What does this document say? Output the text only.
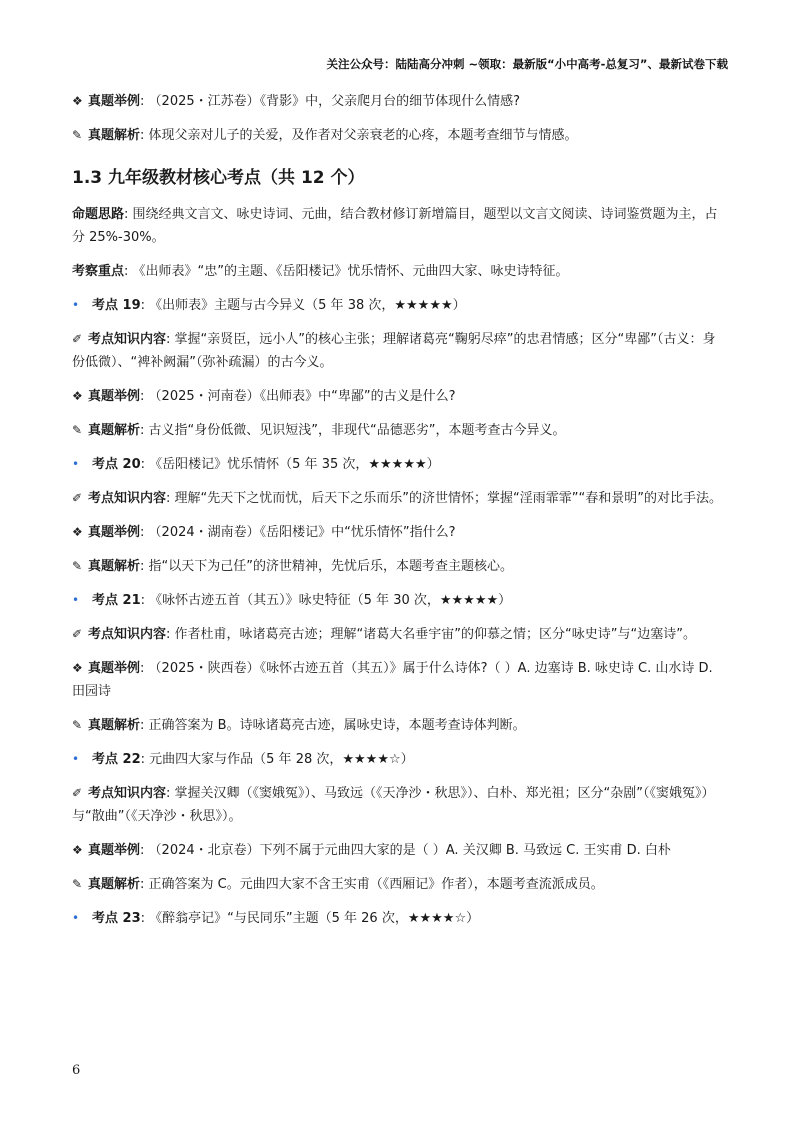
关注公众号：陆陆高分冲刺 ~领取：最新版“小中高考-总复习”、最新试卷下载
❖ 真题举例: （2025・江苏卷）《背影》中，父亲爬月台的细节体现什么情感?
✎ 真题解析: 体现父亲对儿子的关爱，及作者对父亲衰老的心疼，本题考查细节与情感。
1.3 九年级教材核心考点（共 12 个）
命题思路: 围绕经典文言文、咏史诗词、元曲，结合教材修订新增篇目，题型以文言文阅读、诗词鉴赏题为主，占分 25%-30%。
考察重点: 《出师表》“忠”的主题、《岳阳楼记》忧乐情怀、元曲四大家、咏史诗特征。
• 考点 19: 《出师表》主题与古今异义（5 年 38 次，★★★★★）
✐ 考点知识内容: 掌握“亲贤臣，远小人”的核心主张；理解诸葛亮“鞠躬尽瘁”的忠君情感；区分“卑鄙”（古义：身份低微）、“裨补阙漏”（弥补疏漏）的古今义。
❖ 真题举例: （2025・河南卷）《出师表》中“卑鄙”的古义是什么?
✎ 真题解析: 古义指“身份低微、见识短浅”，非现代“品德恶劣”，本题考查古今异义。
• 考点 20: 《岳阳楼记》忧乐情怀（5 年 35 次，★★★★★）
✐ 考点知识内容: 理解“先天下之忧而忧，后天下之乐而乐”的济世情怀；掌握“淫雨霏霏”“春和景明”的对比手法。
❖ 真题举例: （2024・湖南卷）《岳阳楼记》中“忧乐情怀”指什么?
✎ 真题解析: 指“以天下为己任”的济世精神，先忧后乐，本题考查主题核心。
• 考点 21: 《咏怀古迹五首（其五）》咏史特征（5 年 30 次，★★★★★）
✐ 考点知识内容: 作者杜甫，咏诸葛亮古迹；理解“诸葛大名垂宇宙”的仰慕之情；区分“咏史诗”与“边塞诗”。
❖ 真题举例: （2025・陕西卷）《咏怀古迹五首（其五）》属于什么诗体?（ ）A. 边塞诗 B. 咏史诗 C. 山水诗 D. 田园诗
✎ 真题解析: 正确答案为 B。诗咏诸葛亮古迹，属咏史诗，本题考查诗体判断。
• 考点 22: 元曲四大家与作品（5 年 28 次，★★★★☆）
✐ 考点知识内容: 掌握关汉卿（《窦娥冤》）、马致远（《天净沙・秋思》）、白朴、郑光祖；区分“杂剧”（《窦娥冤》）与“散曲”（《天净沙・秋思》）。
❖ 真题举例: （2024・北京卷）下列不属于元曲四大家的是（ ）A. 关汉卿 B. 马致远 C. 王实甫 D. 白朴
✎ 真题解析: 正确答案为 C。元曲四大家不含王实甫（《西厢记》作者），本题考查流派成员。
• 考点 23: 《醉翁亭记》“与民同乐”主题（5 年 26 次，★★★★☆）
6
